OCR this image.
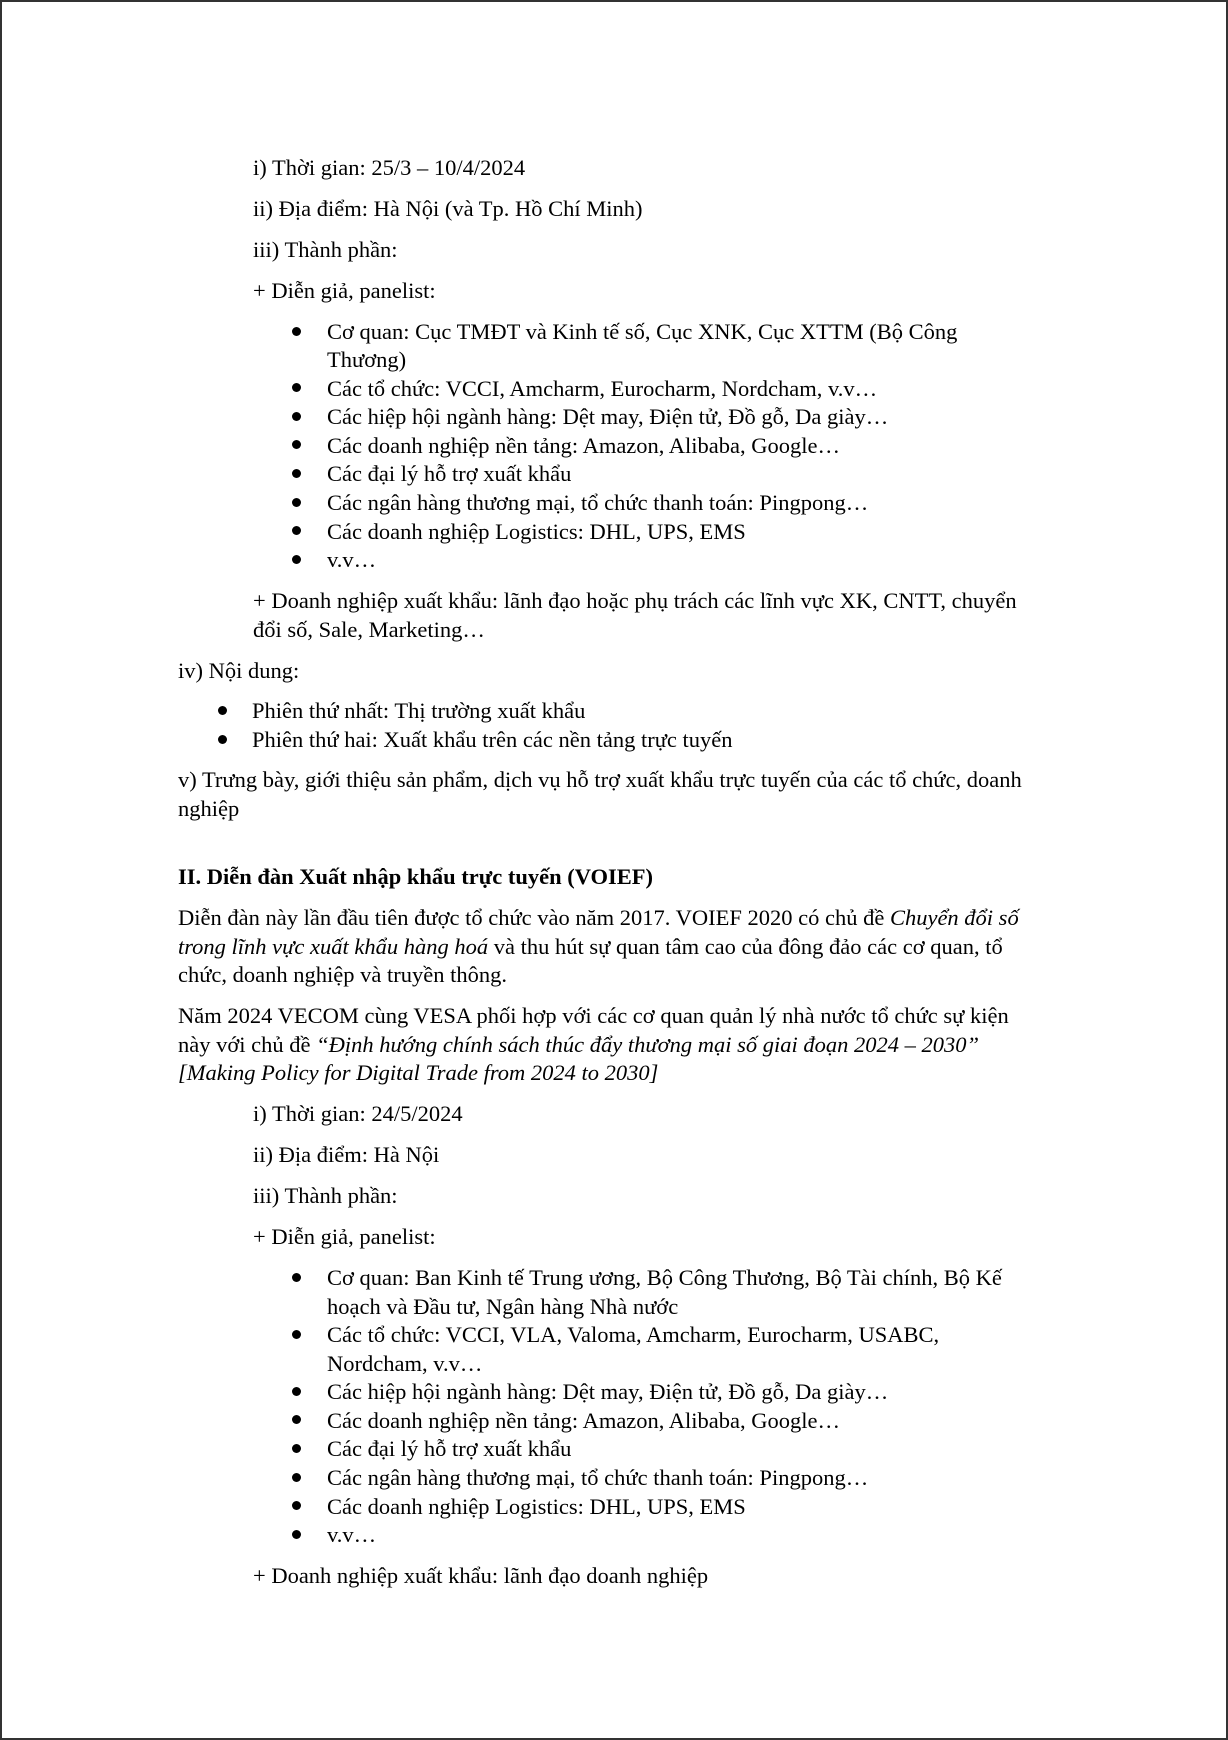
i) Thời gian: 25/3 – 10/4/2024

ii) Địa điểm: Hà Nội (và Tp. Hồ Chí Minh)

iii) Thành phần:

+ Diễn giả, panelist:

Cơ quan: Cục TMĐT và Kinh tế số, Cục XNK, Cục XTTM (Bộ Công

Thương)

Các tổ chức: VCCI, Amcharm, Eurocharm, Nordcham, v.v…

Các hiệp hội ngành hàng: Dệt may, Điện tử, Đồ gỗ, Da giày…

Các doanh nghiệp nền tảng: Amazon, Alibaba, Google…

Các đại lý hỗ trợ xuất khẩu

Các ngân hàng thương mại, tổ chức thanh toán: Pingpong…

Các doanh nghiệp Logistics: DHL, UPS, EMS

v.v…

+ Doanh nghiệp xuất khẩu: lãnh đạo hoặc phụ trách các lĩnh vực XK, CNTT, chuyển

đổi số, Sale, Marketing…

iv) Nội dung:

Phiên thứ nhất: Thị trường xuất khẩu

Phiên thứ hai: Xuất khẩu trên các nền tảng trực tuyến

v) Trưng bày, giới thiệu sản phẩm, dịch vụ hỗ trợ xuất khẩu trực tuyến của các tổ chức, doanh

nghiệp

II. Diễn đàn Xuất nhập khẩu trực tuyến (VOIEF)

Diễn đàn này lần đầu tiên được tổ chức vào năm 2017. VOIEF 2020 có chủ đề Chuyển đổi số

trong lĩnh vực xuất khẩu hàng hoá và thu hút sự quan tâm cao của đông đảo các cơ quan, tổ

chức, doanh nghiệp và truyền thông.

Năm 2024 VECOM cùng VESA phối hợp với các cơ quan quản lý nhà nước tổ chức sự kiện

này với chủ đề “Định hướng chính sách thúc đẩy thương mại số giai đoạn 2024 – 2030”

[Making Policy for Digital Trade from 2024 to 2030]

i) Thời gian: 24/5/2024

ii) Địa điểm: Hà Nội

iii) Thành phần:

+ Diễn giả, panelist:

Cơ quan: Ban Kinh tế Trung ương, Bộ Công Thương, Bộ Tài chính, Bộ Kế

hoạch và Đầu tư, Ngân hàng Nhà nước

Các tổ chức: VCCI, VLA, Valoma, Amcharm, Eurocharm, USABC,

Nordcham, v.v…

Các hiệp hội ngành hàng: Dệt may, Điện tử, Đồ gỗ, Da giày…

Các doanh nghiệp nền tảng: Amazon, Alibaba, Google…

Các đại lý hỗ trợ xuất khẩu

Các ngân hàng thương mại, tổ chức thanh toán: Pingpong…

Các doanh nghiệp Logistics: DHL, UPS, EMS

v.v…

+ Doanh nghiệp xuất khẩu: lãnh đạo doanh nghiệp
